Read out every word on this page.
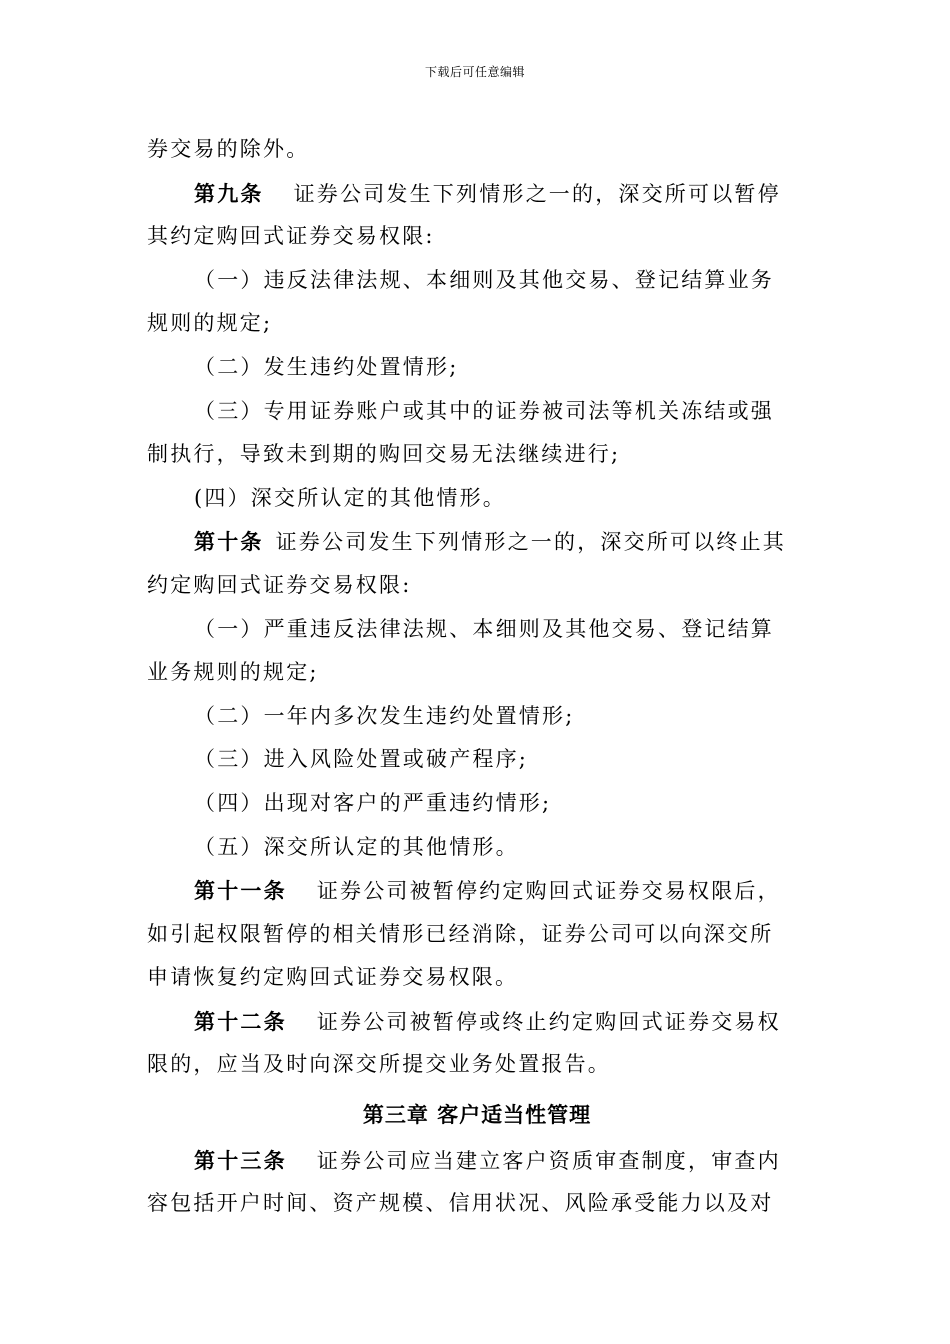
下载后可任意编辑
券交易的除外。
第九条 证券公司发生下列情形之一的，深交所可以暂停
其约定购回式证券交易权限:
（一）违反法律法规、本细则及其他交易、登记结算业务
规则的规定;
（二）发生违约处置情形;
（三）专用证券账户或其中的证券被司法等机关冻结或强
制执行，导致未到期的购回交易无法继续进行;
(四）深交所认定的其他情形。
第十条 证券公司发生下列情形之一的，深交所可以终止其
约定购回式证券交易权限:
（一）严重违反法律法规、本细则及其他交易、登记结算
业务规则的规定;
（二）一年内多次发生违约处置情形;
（三）进入风险处置或破产程序;
（四）出现对客户的严重违约情形;
（五）深交所认定的其他情形。
第十一条 证券公司被暂停约定购回式证券交易权限后，
如引起权限暂停的相关情形已经消除，证券公司可以向深交所
申请恢复约定购回式证券交易权限。
第十二条 证券公司被暂停或终止约定购回式证券交易权
限的，应当及时向深交所提交业务处置报告。
第三章 客户适当性管理
第十三条 证券公司应当建立客户资质审查制度，审查内
容包括开户时间、资产规模、信用状况、风险承受能力以及对
